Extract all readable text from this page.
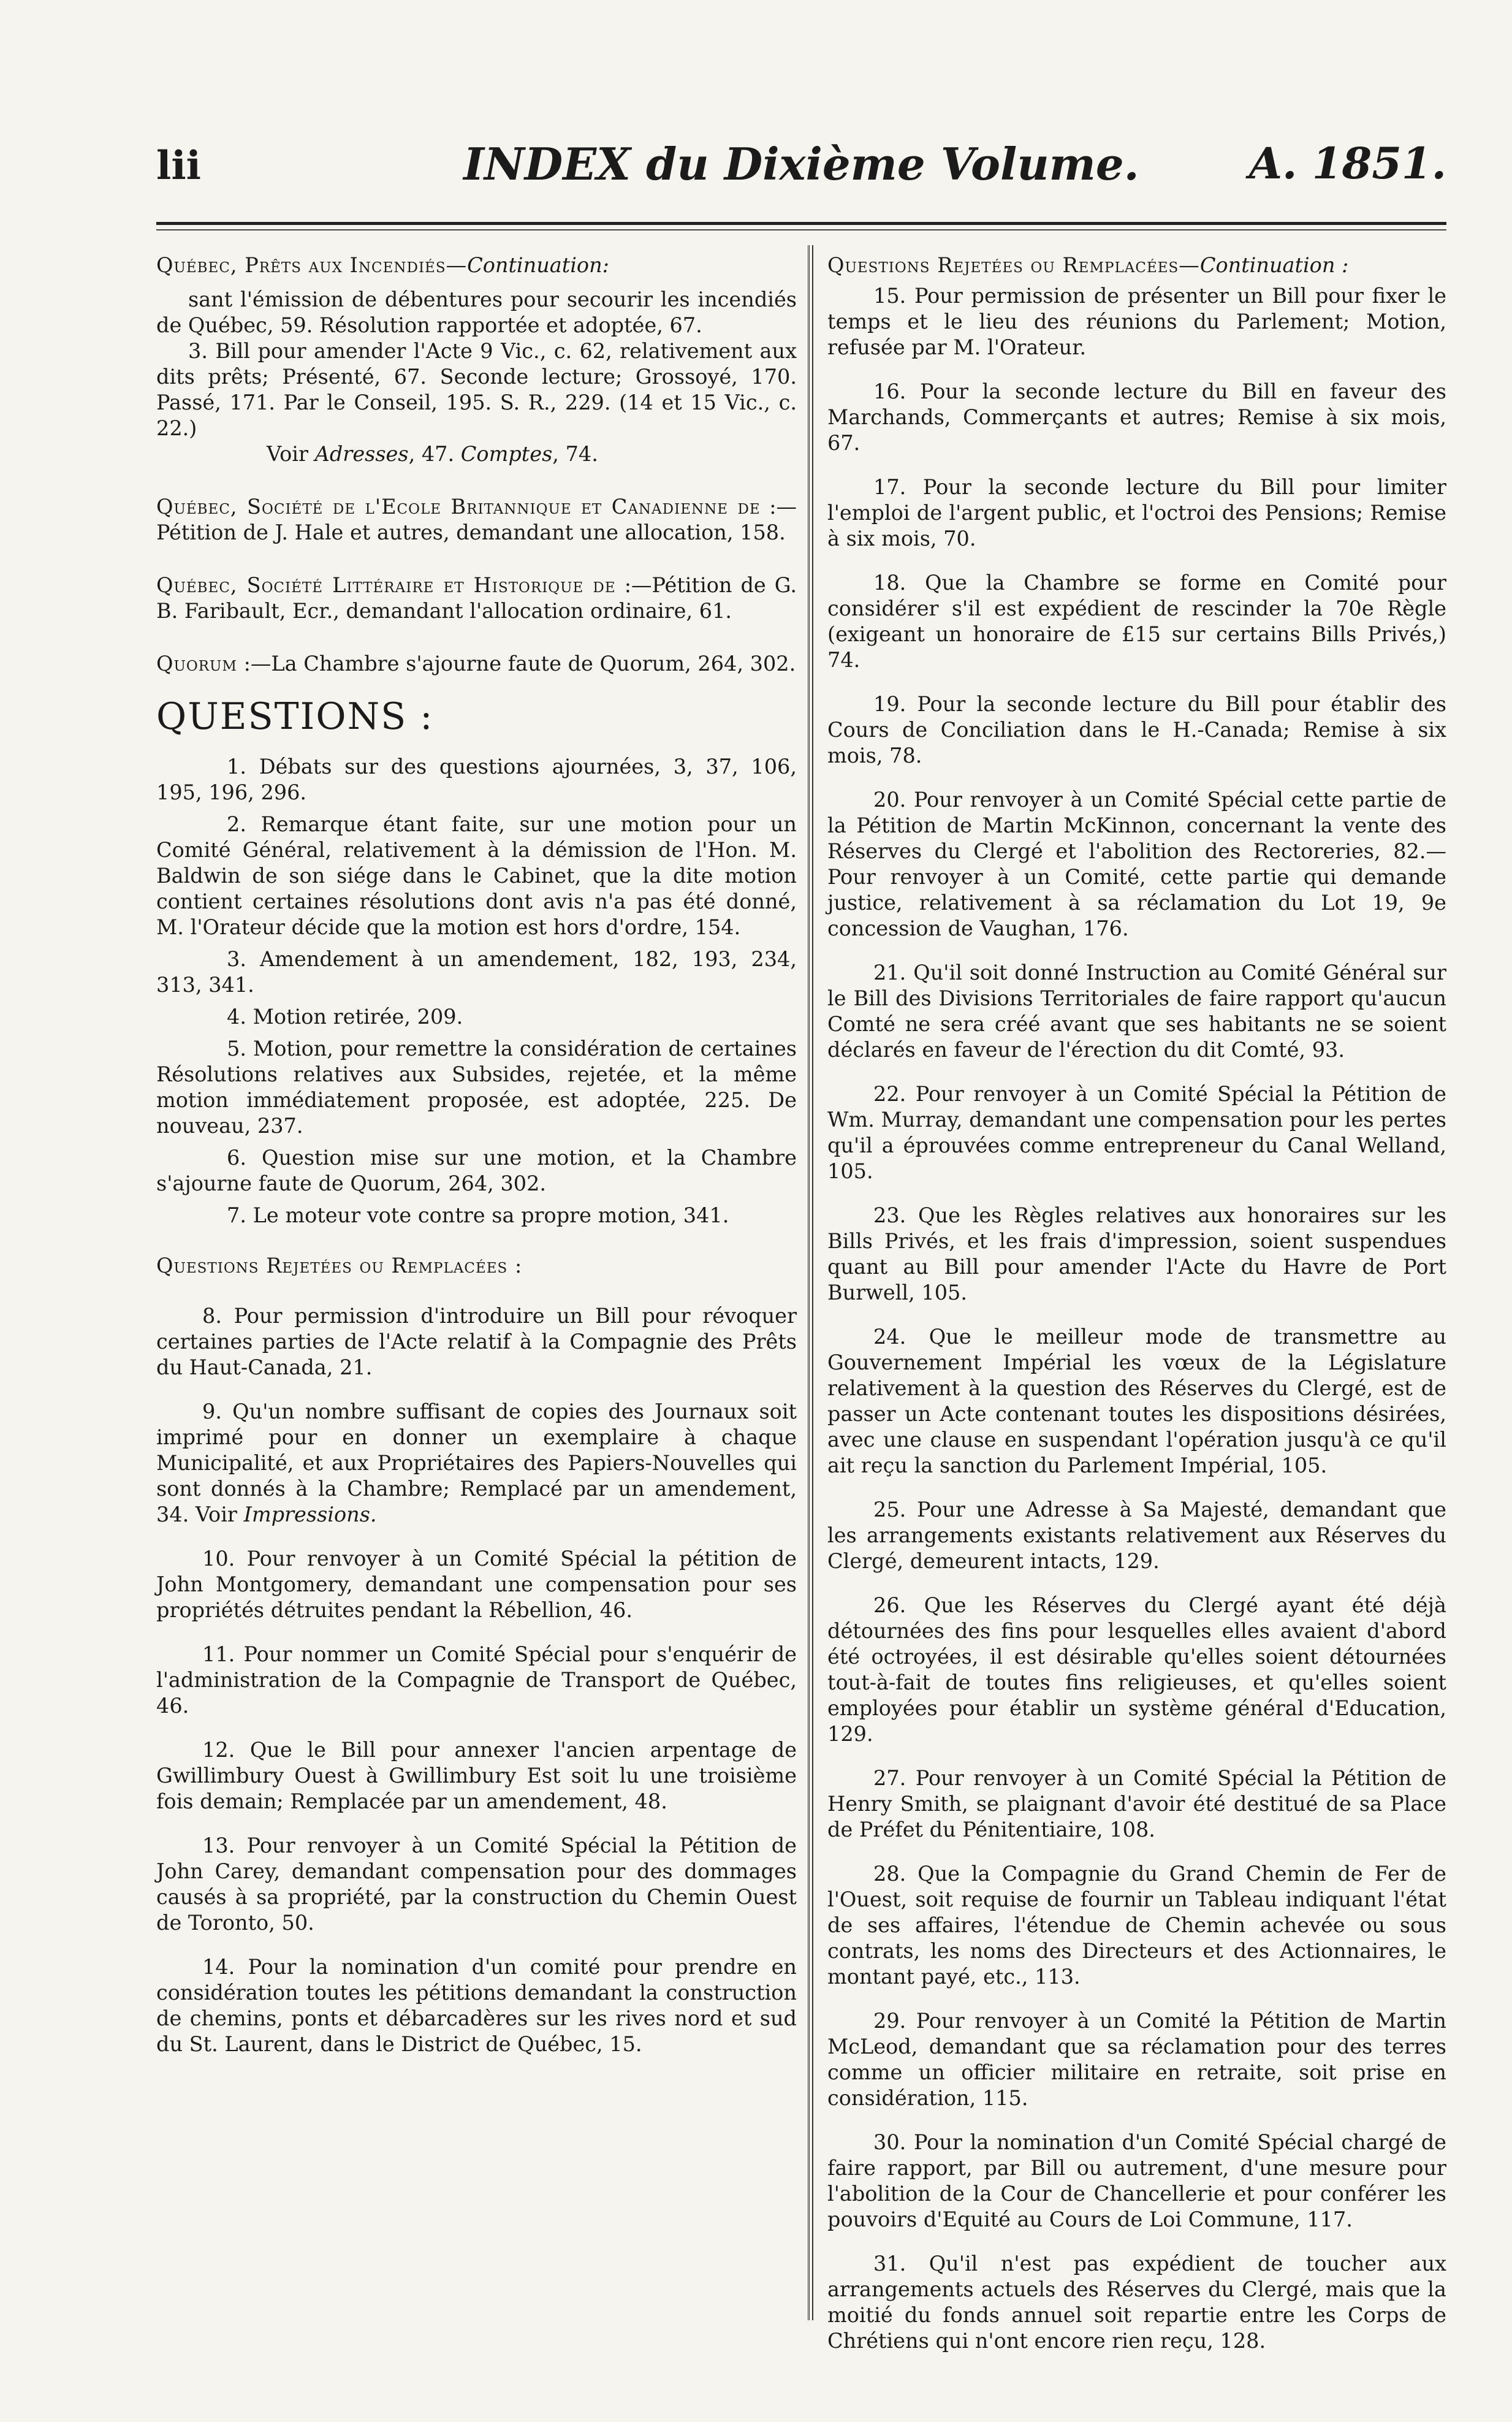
lii	INDEX du Dixième Volume.	A. 1851.

Québec, Prêts aux Incendiés—Continuation:

sant l'émission de débentures pour secourir les incendiés de Québec, 59. Résolution rapportée et adoptée, 67.

3. Bill pour amender l'Acte 9 Vic., c. 62, relativement aux dits prêts; Présenté, 67. Seconde lecture; Grossoyé, 170. Passé, 171. Par le Conseil, 195. S. R., 229. (14 et 15 Vic., c. 22.)

Voir Adresses, 47. Comptes, 74.

Québec, Société de l'Ecole Britannique et Canadienne de :—Pétition de J. Hale et autres, demandant une allocation, 158.

Québec, Société Littéraire et Historique de :—Pétition de G. B. Faribault, Ecr., demandant l'allocation ordinaire, 61.

Quorum :—La Chambre s'ajourne faute de Quorum, 264, 302.

QUESTIONS :

1. Débats sur des questions ajournées, 3, 37, 106, 195, 196, 296.

2. Remarque étant faite, sur une motion pour un Comité Général, relativement à la démission de l'Hon. M. Baldwin de son siége dans le Cabinet, que la dite motion contient certaines résolutions dont avis n'a pas été donné, M. l'Orateur décide que la motion est hors d'ordre, 154.

3. Amendement à un amendement, 182, 193, 234, 313, 341.

4. Motion retirée, 209.

5. Motion, pour remettre la considération de certaines Résolutions relatives aux Subsides, rejetée, et la même motion immédiatement proposée, est adoptée, 225. De nouveau, 237.

6. Question mise sur une motion, et la Chambre s'ajourne faute de Quorum, 264, 302.

7. Le moteur vote contre sa propre motion, 341.

Questions Rejetées ou Remplacées :

8. Pour permission d'introduire un Bill pour révoquer certaines parties de l'Acte relatif à la Compagnie des Prêts du Haut-Canada, 21.

9. Qu'un nombre suffisant de copies des Journaux soit imprimé pour en donner un exemplaire à chaque Municipalité, et aux Propriétaires des Papiers-Nouvelles qui sont donnés à la Chambre; Remplacé par un amendement, 34. Voir Impressions.

10. Pour renvoyer à un Comité Spécial la pétition de John Montgomery, demandant une compensation pour ses propriétés détruites pendant la Rébellion, 46.

11. Pour nommer un Comité Spécial pour s'enquérir de l'administration de la Compagnie de Transport de Québec, 46.

12. Que le Bill pour annexer l'ancien arpentage de Gwillimbury Ouest à Gwillimbury Est soit lu une troisième fois demain; Remplacée par un amendement, 48.

13. Pour renvoyer à un Comité Spécial la Pétition de John Carey, demandant compensation pour des dommages causés à sa propriété, par la construction du Chemin Ouest de Toronto, 50.

14. Pour la nomination d'un comité pour prendre en considération toutes les pétitions demandant la construction de chemins, ponts et débarcadères sur les rives nord et sud du St. Laurent, dans le District de Québec, 15.

Questions Rejetées ou Remplacées—Continuation :

15. Pour permission de présenter un Bill pour fixer le temps et le lieu des réunions du Parlement; Motion, refusée par M. l'Orateur.

16. Pour la seconde lecture du Bill en faveur des Marchands, Commerçants et autres; Remise à six mois, 67.

17. Pour la seconde lecture du Bill pour limiter l'emploi de l'argent public, et l'octroi des Pensions; Remise à six mois, 70.

18. Que la Chambre se forme en Comité pour considérer s'il est expédient de rescinder la 70e Règle (exigeant un honoraire de £15 sur certains Bills Privés,) 74.

19. Pour la seconde lecture du Bill pour établir des Cours de Conciliation dans le H.-Canada; Remise à six mois, 78.

20. Pour renvoyer à un Comité Spécial cette partie de la Pétition de Martin McKinnon, concernant la vente des Réserves du Clergé et l'abolition des Rectoreries, 82.—Pour renvoyer à un Comité, cette partie qui demande justice, relativement à sa réclamation du Lot 19, 9e concession de Vaughan, 176.

21. Qu'il soit donné Instruction au Comité Général sur le Bill des Divisions Territoriales de faire rapport qu'aucun Comté ne sera créé avant que ses habitants ne se soient déclarés en faveur de l'érection du dit Comté, 93.

22. Pour renvoyer à un Comité Spécial la Pétition de Wm. Murray, demandant une compensation pour les pertes qu'il a éprouvées comme entrepreneur du Canal Welland, 105.

23. Que les Règles relatives aux honoraires sur les Bills Privés, et les frais d'impression, soient suspendues quant au Bill pour amender l'Acte du Havre de Port Burwell, 105.

24. Que le meilleur mode de transmettre au Gouvernement Impérial les vœux de la Législature relativement à la question des Réserves du Clergé, est de passer un Acte contenant toutes les dispositions désirées, avec une clause en suspendant l'opération jusqu'à ce qu'il ait reçu la sanction du Parlement Impérial, 105.

25. Pour une Adresse à Sa Majesté, demandant que les arrangements existants relativement aux Réserves du Clergé, demeurent intacts, 129.

26. Que les Réserves du Clergé ayant été déjà détournées des fins pour lesquelles elles avaient d'abord été octroyées, il est désirable qu'elles soient détournées tout-à-fait de toutes fins religieuses, et qu'elles soient employées pour établir un système général d'Education, 129.

27. Pour renvoyer à un Comité Spécial la Pétition de Henry Smith, se plaignant d'avoir été destitué de sa Place de Préfet du Pénitentiaire, 108.

28. Que la Compagnie du Grand Chemin de Fer de l'Ouest, soit requise de fournir un Tableau indiquant l'état de ses affaires, l'étendue de Chemin achevée ou sous contrats, les noms des Directeurs et des Actionnaires, le montant payé, etc., 113.

29. Pour renvoyer à un Comité la Pétition de Martin McLeod, demandant que sa réclamation pour des terres comme un officier militaire en retraite, soit prise en considération, 115.

30. Pour la nomination d'un Comité Spécial chargé de faire rapport, par Bill ou autrement, d'une mesure pour l'abolition de la Cour de Chancellerie et pour conférer les pouvoirs d'Equité au Cours de Loi Commune, 117.

31. Qu'il n'est pas expédient de toucher aux arrangements actuels des Réserves du Clergé, mais que la moitié du fonds annuel soit repartie entre les Corps de Chrétiens qui n'ont encore rien reçu, 128.
